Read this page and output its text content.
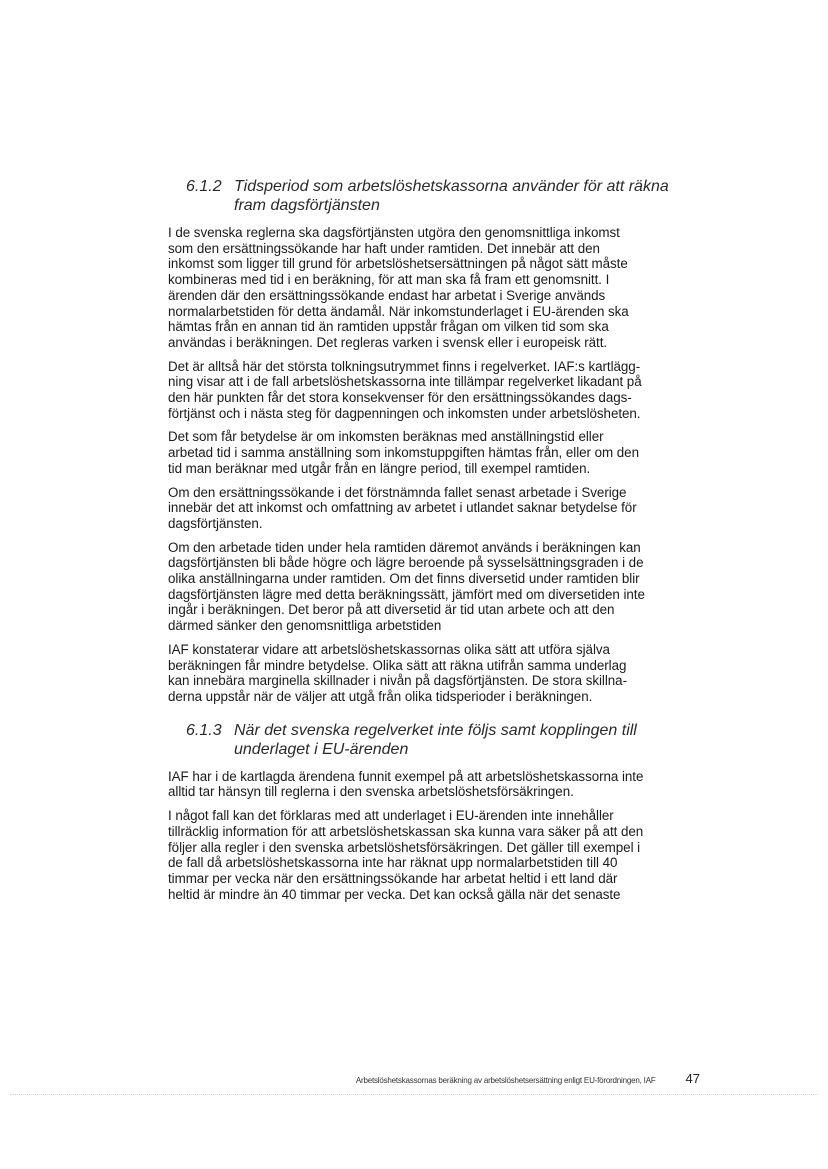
6.1.2 Tidsperiod som arbetslöshetskassorna använder för att räkna
fram dagsförtjänsten

I de svenska reglerna ska dagsförtjänsten utgöra den genomsnittliga inkomst
som den ersättningssökande har haft under ramtiden. Det innebär att den
inkomst som ligger till grund för arbetslöshetsersättningen på något sätt måste
kombineras med tid i en beräkning, för att man ska få fram ett genomsnitt. I
ärenden där den ersättningssökande endast har arbetat i Sverige används
normalarbetstiden för detta ändamål. När inkomstunderlaget i EU-ärenden ska
hämtas från en annan tid än ramtiden uppstår frågan om vilken tid som ska
användas i beräkningen. Det regleras varken i svensk eller i europeisk rätt.

Det är alltså här det största tolkningsutrymmet finns i regelverket. IAF:s kartlägg-
ning visar att i de fall arbetslöshetskassorna inte tillämpar regelverket likadant på
den här punkten får det stora konsekvenser för den ersättningssökandes dags-
förtjänst och i nästa steg för dagpenningen och inkomsten under arbetslösheten.

Det som får betydelse är om inkomsten beräknas med anställningstid eller
arbetad tid i samma anställning som inkomstuppgiften hämtas från, eller om den
tid man beräknar med utgår från en längre period, till exempel ramtiden.

Om den ersättningssökande i det förstnämnda fallet senast arbetade i Sverige
innebär det att inkomst och omfattning av arbetet i utlandet saknar betydelse för
dagsförtjänsten.

Om den arbetade tiden under hela ramtiden däremot används i beräkningen kan
dagsförtjänsten bli både högre och lägre beroende på sysselsättningsgraden i de
olika anställningarna under ramtiden. Om det finns diversetid under ramtiden blir
dagsförtjänsten lägre med detta beräkningssätt, jämfört med om diversetiden inte
ingår i beräkningen. Det beror på att diversetid är tid utan arbete och att den
därmed sänker den genomsnittliga arbetstiden

IAF konstaterar vidare att arbetslöshetskassornas olika sätt att utföra själva
beräkningen får mindre betydelse. Olika sätt att räkna utifrån samma underlag
kan innebära marginella skillnader i nivån på dagsförtjänsten. De stora skillna-
derna uppstår när de väljer att utgå från olika tidsperioder i beräkningen.

6.1.3 När det svenska regelverket inte följs samt kopplingen till
underlaget i EU-ärenden

IAF har i de kartlagda ärendena funnit exempel på att arbetslöshetskassorna inte
alltid tar hänsyn till reglerna i den svenska arbetslöshetsförsäkringen.

I något fall kan det förklaras med att underlaget i EU-ärenden inte innehåller
tillräcklig information för att arbetslöshetskassan ska kunna vara säker på att den
följer alla regler i den svenska arbetslöshetsförsäkringen. Det gäller till exempel i
de fall då arbetslöshetskassorna inte har räknat upp normalarbetstiden till 40
timmar per vecka när den ersättningssökande har arbetat heltid i ett land där
heltid är mindre än 40 timmar per vecka. Det kan också gälla när det senaste

Arbetslöshetskassornas beräkning av arbetslöshetsersättning enligt EU-förordningen, IAF 47
